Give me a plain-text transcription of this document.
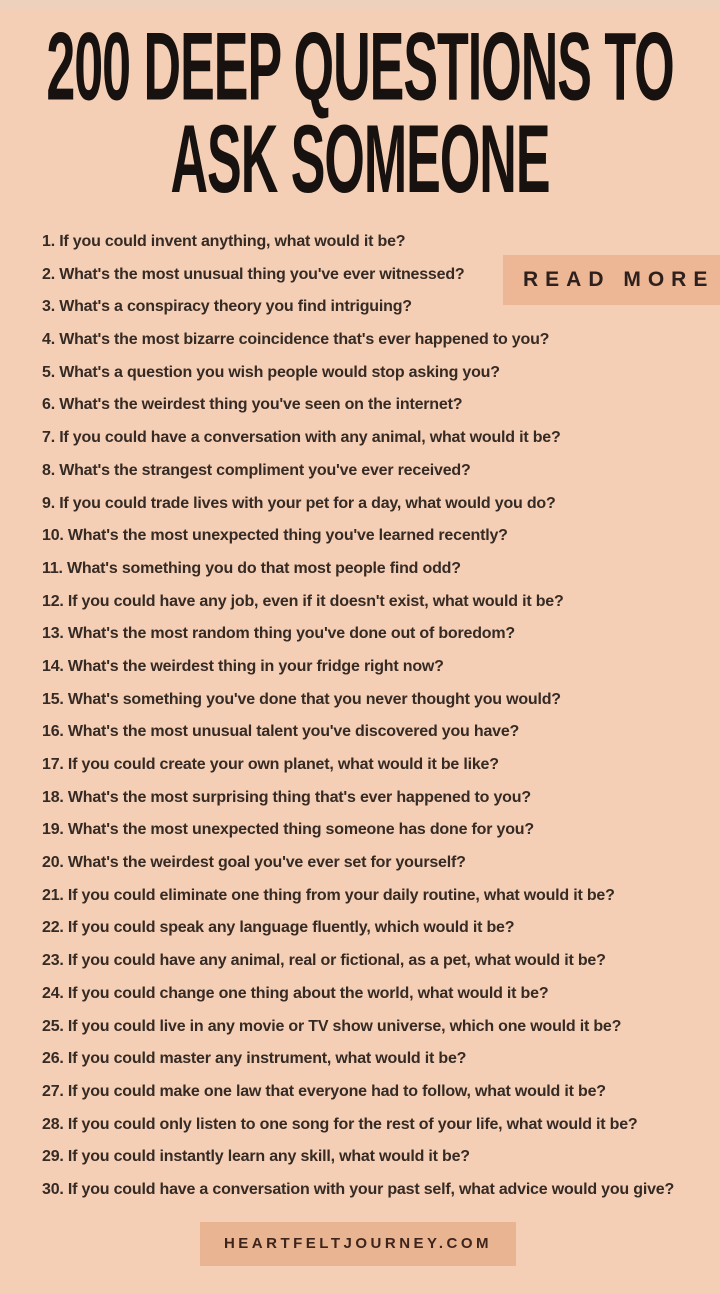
200 DEEP QUESTIONS TO
ASK SOMEONE
READ MORE
1. If you could invent anything, what would it be?
2. What's the most unusual thing you've ever witnessed?
3. What's a conspiracy theory you find intriguing?
4. What's the most bizarre coincidence that's ever happened to you?
5. What's a question you wish people would stop asking you?
6. What's the weirdest thing you've seen on the internet?
7. If you could have a conversation with any animal, what would it be?
8. What's the strangest compliment you've ever received?
9. If you could trade lives with your pet for a day, what would you do?
10. What's the most unexpected thing you've learned recently?
11. What's something you do that most people find odd?
12. If you could have any job, even if it doesn't exist, what would it be?
13. What's the most random thing you've done out of boredom?
14. What's the weirdest thing in your fridge right now?
15. What's something you've done that you never thought you would?
16. What's the most unusual talent you've discovered you have?
17. If you could create your own planet, what would it be like?
18. What's the most surprising thing that's ever happened to you?
19. What's the most unexpected thing someone has done for you?
20. What's the weirdest goal you've ever set for yourself?
21. If you could eliminate one thing from your daily routine, what would it be?
22. If you could speak any language fluently, which would it be?
23. If you could have any animal, real or fictional, as a pet, what would it be?
24. If you could change one thing about the world, what would it be?
25. If you could live in any movie or TV show universe, which one would it be?
26. If you could master any instrument, what would it be?
27. If you could make one law that everyone had to follow, what would it be?
28. If you could only listen to one song for the rest of your life, what would it be?
29. If you could instantly learn any skill, what would it be?
30. If you could have a conversation with your past self, what advice would you give?
HEARTFELTJOURNEY.COM
